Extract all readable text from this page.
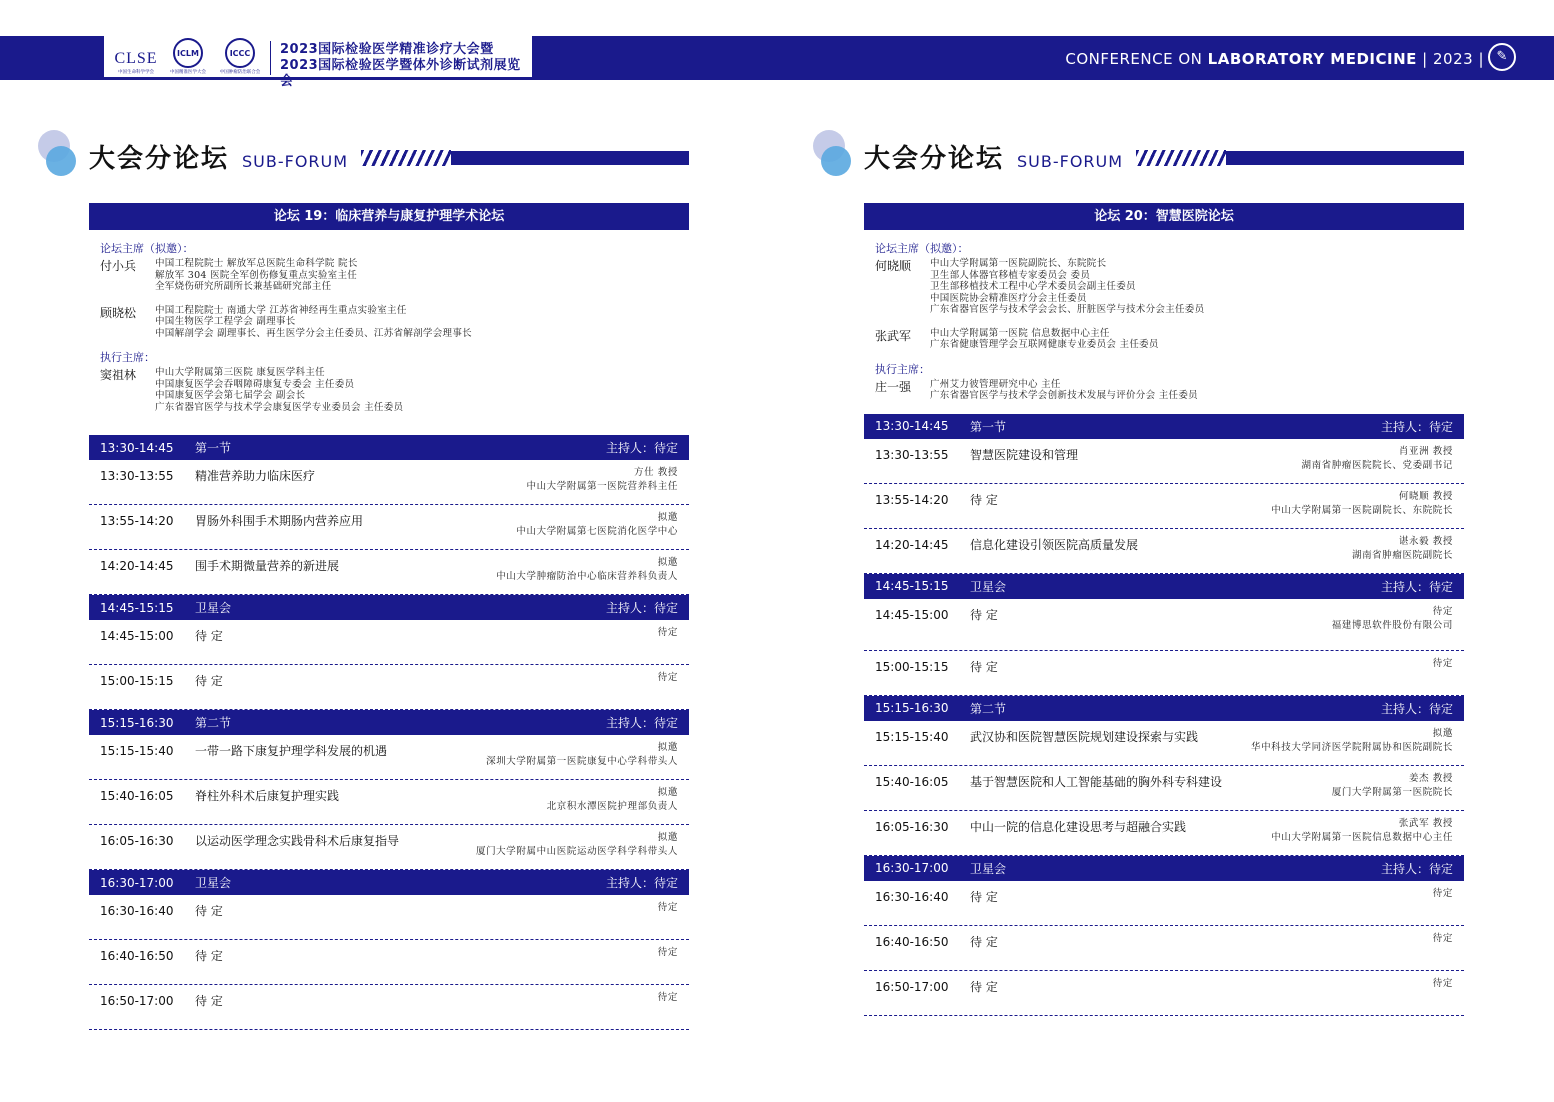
CLSE
中国生命科学学会
ICLM
中国精准医学大会
ICCC
中国肿瘤防治联合会
2023国际检验医学精准诊疗大会暨
2023国际检验医学暨体外诊断试剂展览会
CONFERENCE ON LABORATORY MEDICINE | 2023 | ✎
大会分论坛 SUB-FORUM
论坛 19：临床营养与康复护理学术论坛
论坛主席（拟邀）：
付小兵	中国工程院院士 解放军总医院生命科学院 院长
解放军 304 医院全军创伤修复重点实验室主任
全军烧伤研究所副所长兼基础研究部主任
顾晓松	中国工程院院士 南通大学 江苏省神经再生重点实验室主任
中国生物医学工程学会 副理事长
中国解剖学会 副理事长、再生医学分会主任委员、江苏省解剖学会理事长
执行主席：
窦祖林	中山大学附属第三医院 康复医学科主任
中国康复医学会吞咽障碍康复专委会 主任委员
中国康复医学会第七届学会 副会长
广东省器官医学与技术学会康复医学专业委员会 主任委员
13:30-14:45	第一节	主持人：待定
13:30-13:55	精准营养助力临床医疗	方仕 教授
中山大学附属第一医院营养科主任
13:55-14:20	胃肠外科围手术期肠内营养应用	拟邀
中山大学附属第七医院消化医学中心
14:20-14:45	围手术期微量营养的新进展	拟邀
中山大学肿瘤防治中心临床营养科负责人
14:45-15:15	卫星会	主持人：待定
14:45-15:00	待 定	待定
15:00-15:15	待 定	待定
15:15-16:30	第二节	主持人：待定
15:15-15:40	一带一路下康复护理学科发展的机遇	拟邀
深圳大学附属第一医院康复中心学科带头人
15:40-16:05	脊柱外科术后康复护理实践	拟邀
北京积水潭医院护理部负责人
16:05-16:30	以运动医学理念实践骨科术后康复指导	拟邀
厦门大学附属中山医院运动医学科学科带头人
16:30-17:00	卫星会	主持人：待定
16:30-16:40	待 定	待定
16:40-16:50	待 定	待定
16:50-17:00	待 定	待定
大会分论坛 SUB-FORUM
论坛 20：智慧医院论坛
论坛主席（拟邀）：
何晓顺	中山大学附属第一医院副院长、东院院长
卫生部人体器官移植专家委员会 委员
卫生部移植技术工程中心学术委员会副主任委员
中国医院协会精准医疗分会主任委员
广东省器官医学与技术学会会长、肝脏医学与技术分会主任委员
张武军	中山大学附属第一医院 信息数据中心主任
广东省健康管理学会互联网健康专业委员会 主任委员
执行主席：
庄一强	广州艾力彼管理研究中心 主任
广东省器官医学与技术学会创新技术发展与评价分会 主任委员
13:30-14:45	第一节	主持人：待定
13:30-13:55	智慧医院建设和管理	肖亚洲 教授
湖南省肿瘤医院院长、党委副书记
13:55-14:20	待 定	何晓顺 教授
中山大学附属第一医院副院长、东院院长
14:20-14:45	信息化建设引领医院高质量发展	谌永毅 教授
湖南省肿瘤医院副院长
14:45-15:15	卫星会	主持人：待定
14:45-15:00	待 定	待定
福建博思软件股份有限公司
15:00-15:15	待 定	待定
15:15-16:30	第二节	主持人：待定
15:15-15:40	武汉协和医院智慧医院规划建设探索与实践	拟邀
华中科技大学同济医学院附属协和医院副院长
15:40-16:05	基于智慧医院和人工智能基础的胸外科专科建设	姜杰 教授
厦门大学附属第一医院院长
16:05-16:30	中山一院的信息化建设思考与超融合实践	张武军 教授
中山大学附属第一医院信息数据中心主任
16:30-17:00	卫星会	主持人：待定
16:30-16:40	待 定	待定
16:40-16:50	待 定	待定
16:50-17:00	待 定	待定
